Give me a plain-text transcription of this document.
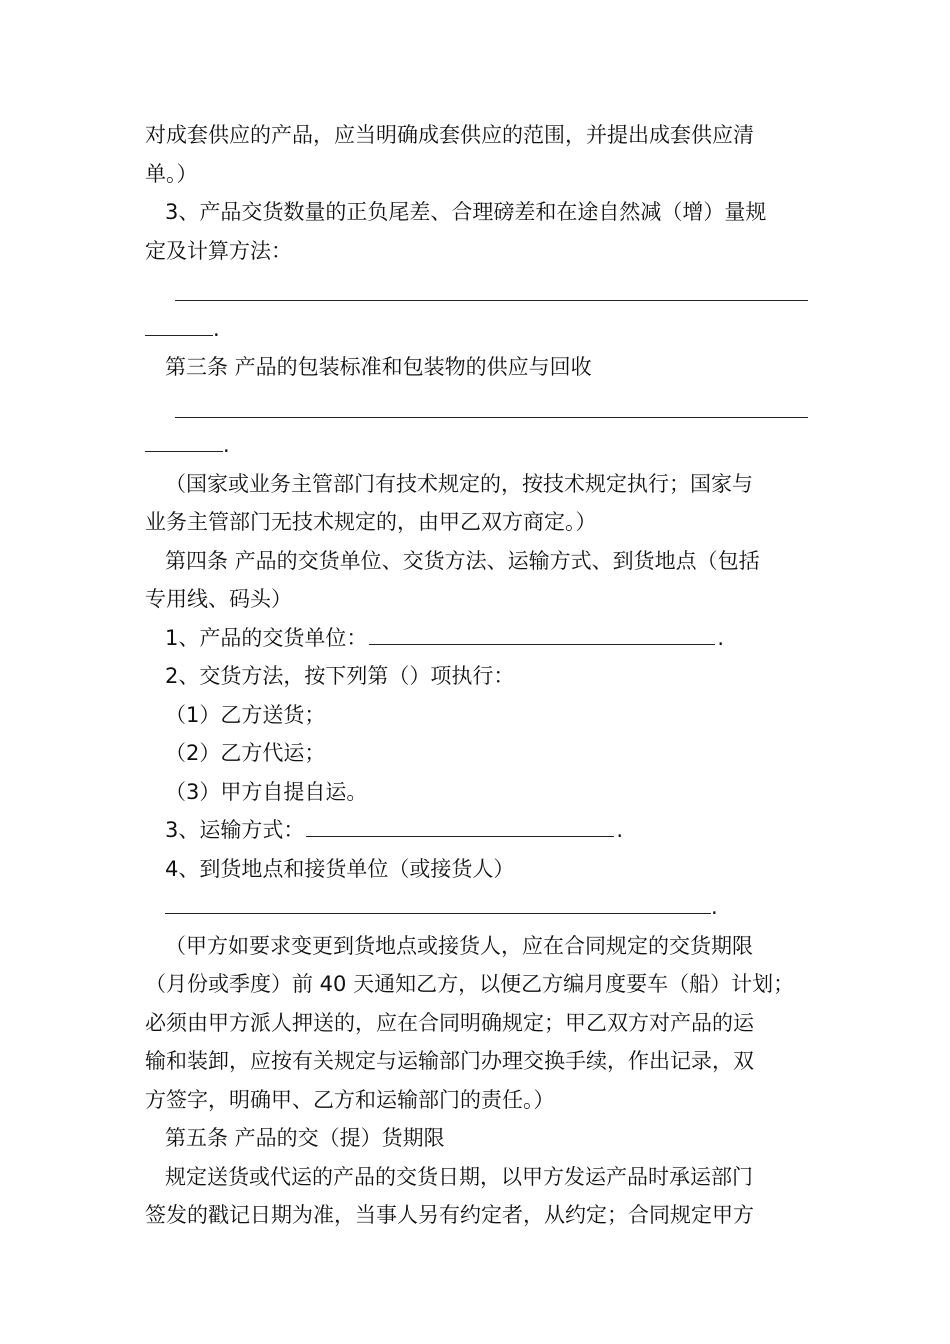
对成套供应的产品，应当明确成套供应的范围，并提出成套供应清
单。）
3、产品交货数量的正负尾差、合理磅差和在途自然减（增）量规
定及计算方法：
.
第三条 产品的包装标准和包装物的供应与回收
.
（国家或业务主管部门有技术规定的，按技术规定执行；国家与
业务主管部门无技术规定的，由甲乙双方商定。）
第四条 产品的交货单位、交货方法、运输方式、到货地点（包括
专用线、码头）
1、产品的交货单位：	.
2、交货方法，按下列第（）项执行：
（1）乙方送货；
（2）乙方代运；
（3）甲方自提自运。
3、运输方式：	.
4、到货地点和接货单位（或接货人）
.
（甲方如要求变更到货地点或接货人，应在合同规定的交货期限
（月份或季度）前 40 天通知乙方，以便乙方编月度要车（船）计划；
必须由甲方派人押送的，应在合同明确规定；甲乙双方对产品的运
输和装卸，应按有关规定与运输部门办理交换手续，作出记录，双
方签字，明确甲、乙方和运输部门的责任。）
第五条 产品的交（提）货期限
规定送货或代运的产品的交货日期，以甲方发运产品时承运部门
签发的戳记日期为准，当事人另有约定者，从约定；合同规定甲方
